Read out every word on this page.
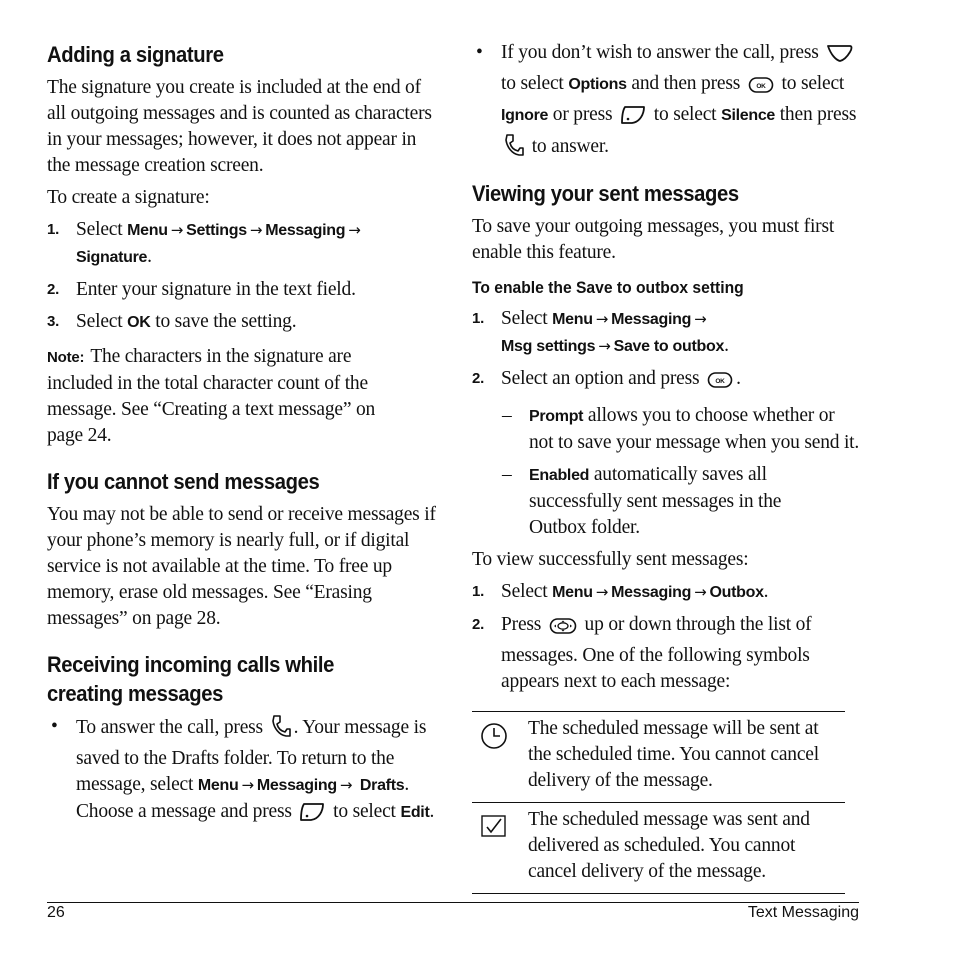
Adding a signature

The signature you create is included at the end of all outgoing messages and is counted as characters in your messages; however, it does not appear in the message creation screen.

To create a signature:

1. Select Menu → Settings → Messaging → Signature.
2. Enter your signature in the text field.
3. Select OK to save the setting.

Note: The characters in the signature are included in the total character count of the message. See “Creating a text message” on page 24.

If you cannot send messages

You may not be able to send or receive messages if your phone’s memory is nearly full, or if digital service is not available at the time. To free up memory, erase old messages. See “Erasing messages” on page 28.

Receiving incoming calls while
creating messages
• To answer the call, press . Your message is saved to the Drafts folder. To return to the message, select Menu → Messaging → Drafts. Choose a message and press to select Edit.
• If you don’t wish to answer the call, press  to select Options and then press OK to select Ignore or press to select Silence then press  to answer.
Viewing your sent messages

To save your outgoing messages, you must first enable this feature.

To enable the Save to outbox setting
1. Select Menu → Messaging →
Msg settings → Save to outbox.
2. Select an option and press OK .
– Prompt allows you to choose whether or not to save your message when you send it.
– Enabled automatically saves all successfully sent messages in the Outbox folder.

To view successfully sent messages:

1. Select Menu → Messaging → Outbox.
2. Press up or down through the list of messages. One of the following symbols appears next to each message:

The scheduled message will be sent at the scheduled time. You cannot cancel delivery of the message.

The scheduled message was sent and delivered as scheduled. You cannot cancel delivery of the message.

26	Text Messaging
